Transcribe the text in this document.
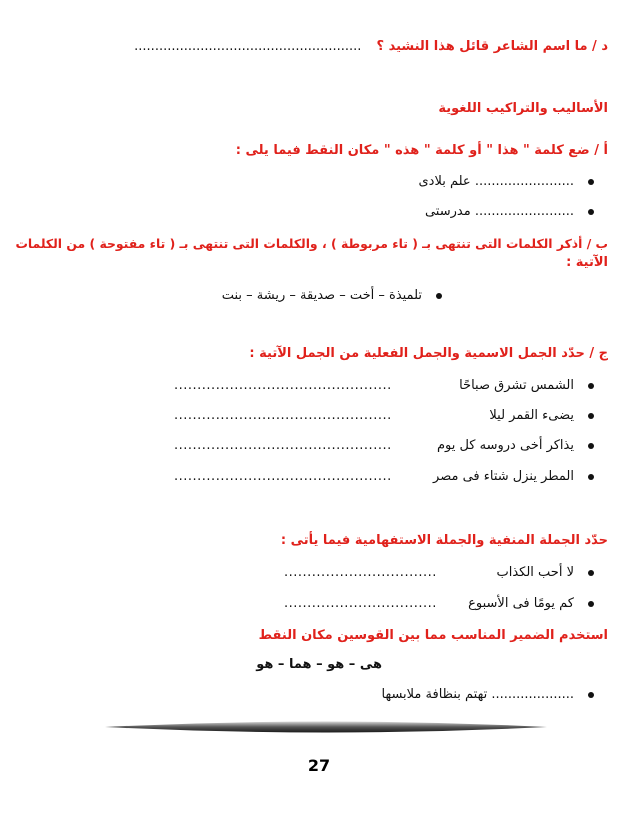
د / ما اسم الشاعر قائل هذا النشيد ؟  .......................................................
الأساليب والتراكيب اللغوية
أ / ضع كلمة " هذا " أو كلمة " هذه " مكان النقط فيما يلى :
........................ علم بلادى
........................ مدرستى
ب / أذكر الكلمات التى تنتهى بـ ( تاء مربوطة ) ، والكلمات التى تنتهى بـ ( تاء مفتوحة ) من الكلمات
الآتية :
تلميذة – أخت – صديقة – ريشة – بنت
ج / حدّد الجمل الاسمية والجمل الفعلية من الجمل الآتية :
الشمس تشرق صباحًا
...............................................
يضىء القمر ليلا
...............................................
يذاكر أخى دروسه كل يوم
...............................................
المطر ينزل شتاء فى مصر
...............................................
حدّد الجملة المنفية والجملة الاستفهامية فيما يأتى :
لا أحب الكذاب
.................................
كم يومًا فى الأسبوع
.................................
استخدم الضمير المناسب مما بين القوسين مكان النقط
هى – هو – هما – هو
.................... تهتم بنظافة ملابسها
27
